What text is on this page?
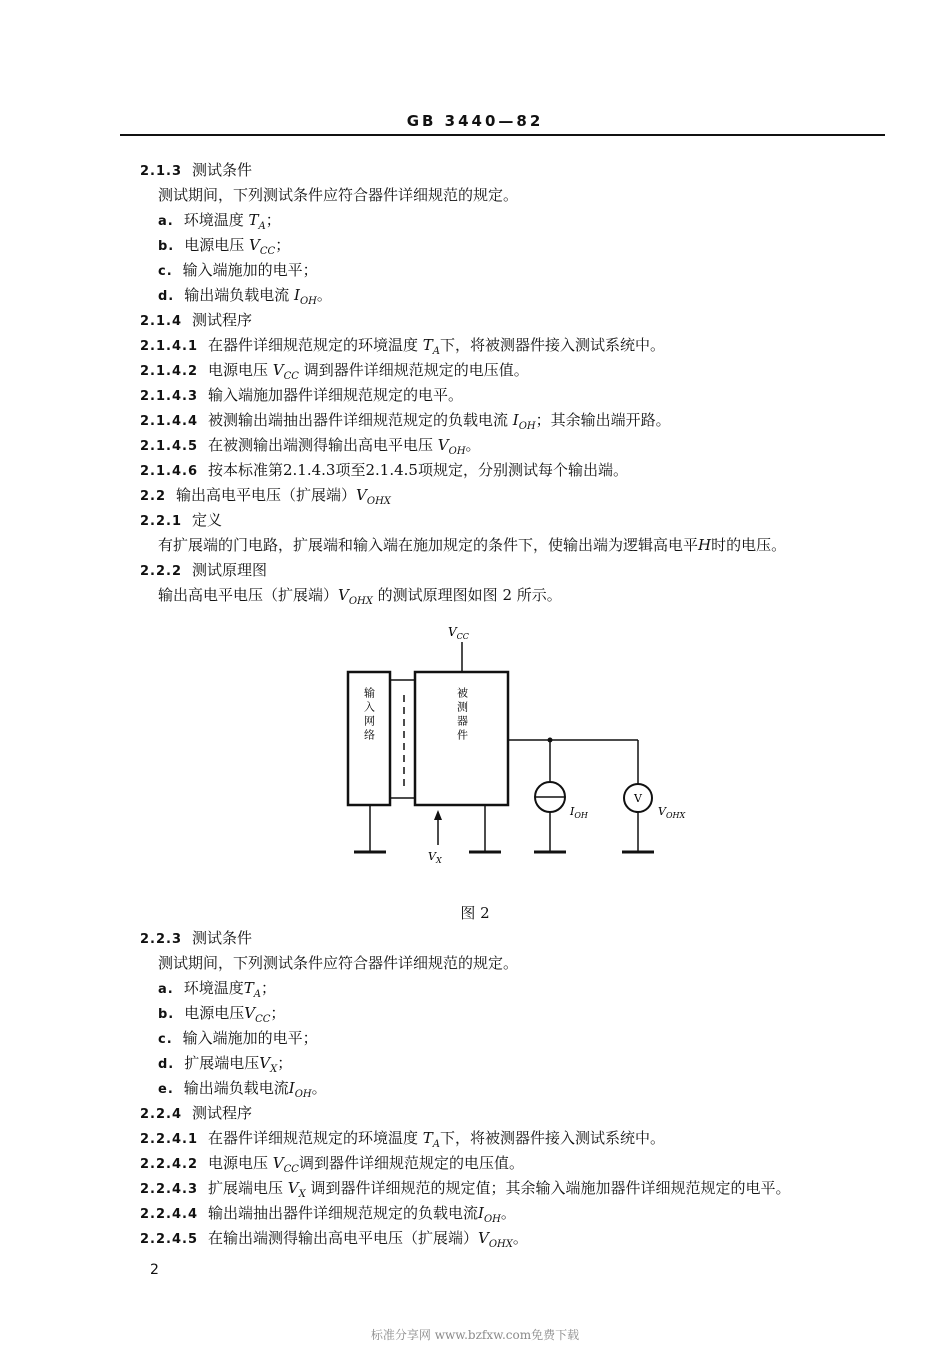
GB 3440—82
2.1.3 测试条件
测试期间，下列测试条件应符合器件详细规范的规定。
a. 环境温度 $T_A$；
b. 电源电压 $V_{CC}$；
c. 输入端施加的电平；
d. 输出端负载电流 $I_{OH}$。
2.1.4 测试程序
2.1.4.1 在器件详细规范规定的环境温度 $T_A$下，将被测器件接入测试系统中。
2.1.4.2 电源电压 $V_{CC}$ 调到器件详细规范规定的电压值。
2.1.4.3 输入端施加器件详细规范规定的电平。
2.1.4.4 被测输出端抽出器件详细规范规定的负载电流 $I_{OH}$；其余输出端开路。
2.1.4.5 在被测输出端测得输出高电平电压 $V_{OH}$。
2.1.4.6 按本标准第2.1.4.3项至2.1.4.5项规定，分别测试每个输出端。
2.2 输出高电平电压（扩展端）$V_{OHX}$
2.2.1 定义
有扩展端的门电路，扩展端和输入端在施加规定的条件下，使输出端为逻辑高电平H时的电压。
2.2.2 测试原理图
输出高电平电压（扩展端）$V_{OHX}$ 的测试原理图如图 2 所示。
2.2.3 测试条件
测试期间，下列测试条件应符合器件详细规范的规定。
a. 环境温度$T_A$；
b. 电源电压$V_{CC}$；
c. 输入端施加的电平；
d. 扩展端电压$V_X$；
e. 输出端负载电流$I_{OH}$。
2.2.4 测试程序
2.2.4.1 在器件详细规范规定的环境温度 $T_A$下，将被测器件接入测试系统中。
2.2.4.2 电源电压 $V_{CC}$调到器件详细规范规定的电压值。
2.2.4.3 扩展端电压 $V_X$ 调到器件详细规范的规定值；其余输入端施加器件详细规范规定的电平。
2.2.4.4 输出端抽出器件详细规范规定的负载电流$I_{OH}$。
2.2.4.5 在输出端测得输出高电平电压（扩展端）$V_{OHX}$。
$V_{CC}$
输入网络	被测器件
$V_X$
$I_{OH}$
V
$V_{OHX}$
图 2
2
标准分享网 www.bzfxw.com免费下载
